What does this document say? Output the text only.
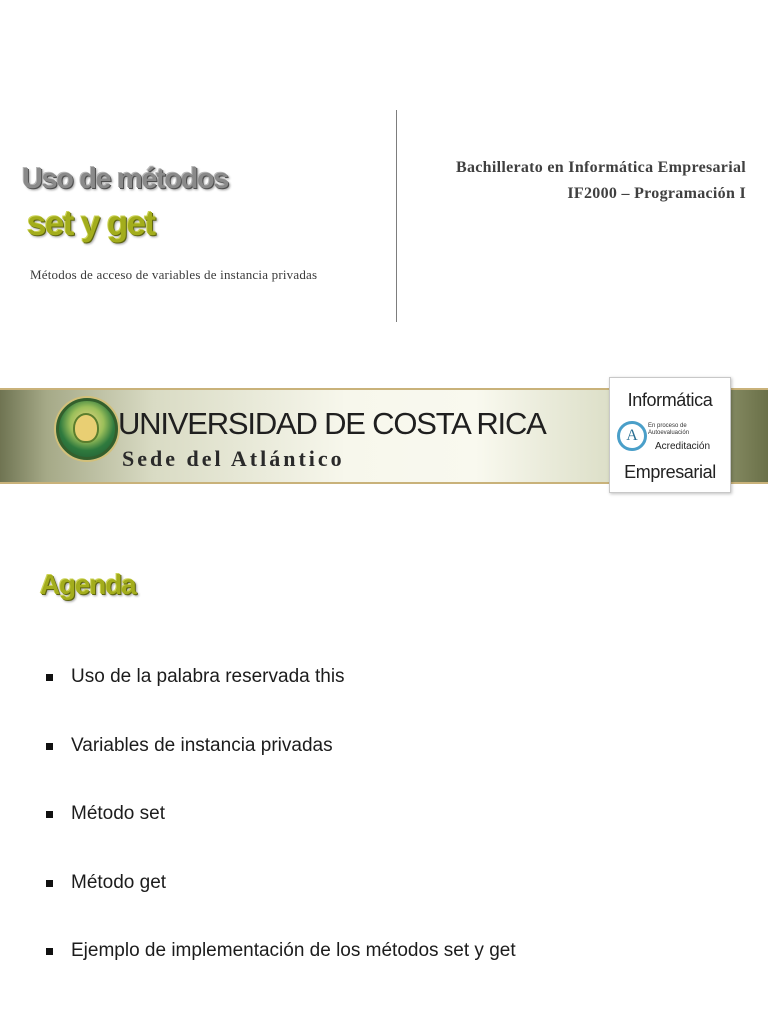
Uso de métodos
set y get
Métodos de acceso de variables de instancia privadas
Bachillerato en Informática Empresarial
IF2000 – Programación I
UNIVERSIDAD DE COSTA RICA
Sede del Atlántico
Informática
A
En proceso de Autoevaluación
Acreditación
Empresarial
Agenda
Uso de la palabra reservada this
Variables de instancia privadas
Método set
Método get
Ejemplo de implementación de los métodos set y get
